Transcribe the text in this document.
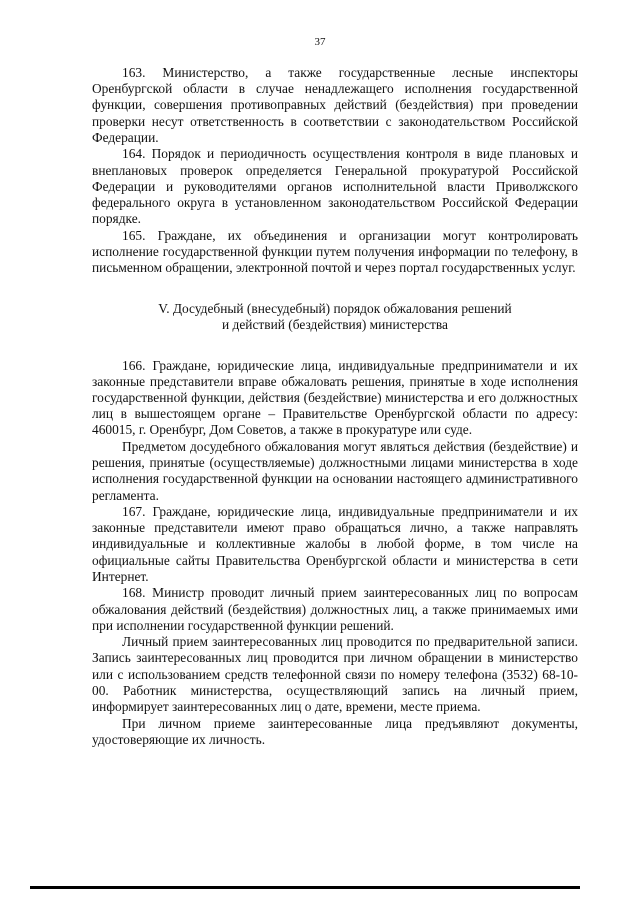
37

163. Министерство, а также государственные лесные инспекторы Оренбургской области в случае ненадлежащего исполнения государственной функции, совершения противоправных действий (бездействия) при проведении проверки несут ответственность в соответствии с законодательством Российской Федерации.

164. Порядок и периодичность осуществления контроля в виде плановых и внеплановых проверок определяется Генеральной прокуратурой Российской Федерации и руководителями органов исполнительной власти Приволжского федерального округа в установленном законодательством Российской Федерации порядке.

165. Граждане, их объединения и организации могут контролировать исполнение государственной функции путем получения информации по телефону, в письменном обращении, электронной почтой и через портал государственных услуг.

V. Досудебный (внесудебный) порядок обжалования решений
и действий (бездействия) министерства

166. Граждане, юридические лица, индивидуальные предприниматели и их законные представители вправе обжаловать решения, принятые в ходе исполнения государственной функции, действия (бездействие) министерства и его должностных лиц в вышестоящем органе – Правительстве Оренбургской области по адресу: 460015, г. Оренбург, Дом Советов, а также в прокуратуре или суде.

Предметом досудебного обжалования могут являться действия (бездействие) и решения, принятые (осуществляемые) должностными лицами министерства в ходе исполнения государственной функции на основании настоящего административного регламента.

167. Граждане, юридические лица, индивидуальные предприниматели и их законные представители имеют право обращаться лично, а также направлять индивидуальные и коллективные жалобы в любой форме, в том числе на официальные сайты Правительства Оренбургской области и министерства в сети Интернет.

168. Министр проводит личный прием заинтересованных лиц по вопросам обжалования действий (бездействия) должностных лиц, а также принимаемых ими при исполнении государственной функции решений.

Личный прием заинтересованных лиц проводится по предварительной записи. Запись заинтересованных лиц проводится при личном обращении в министерство или с использованием средств телефонной связи по номеру телефона (3532) 68-10-00. Работник министерства, осуществляющий запись на личный прием, информирует заинтересованных лиц о дате, времени, месте приема.

При личном приеме заинтересованные лица предъявляют документы, удостоверяющие их личность.
